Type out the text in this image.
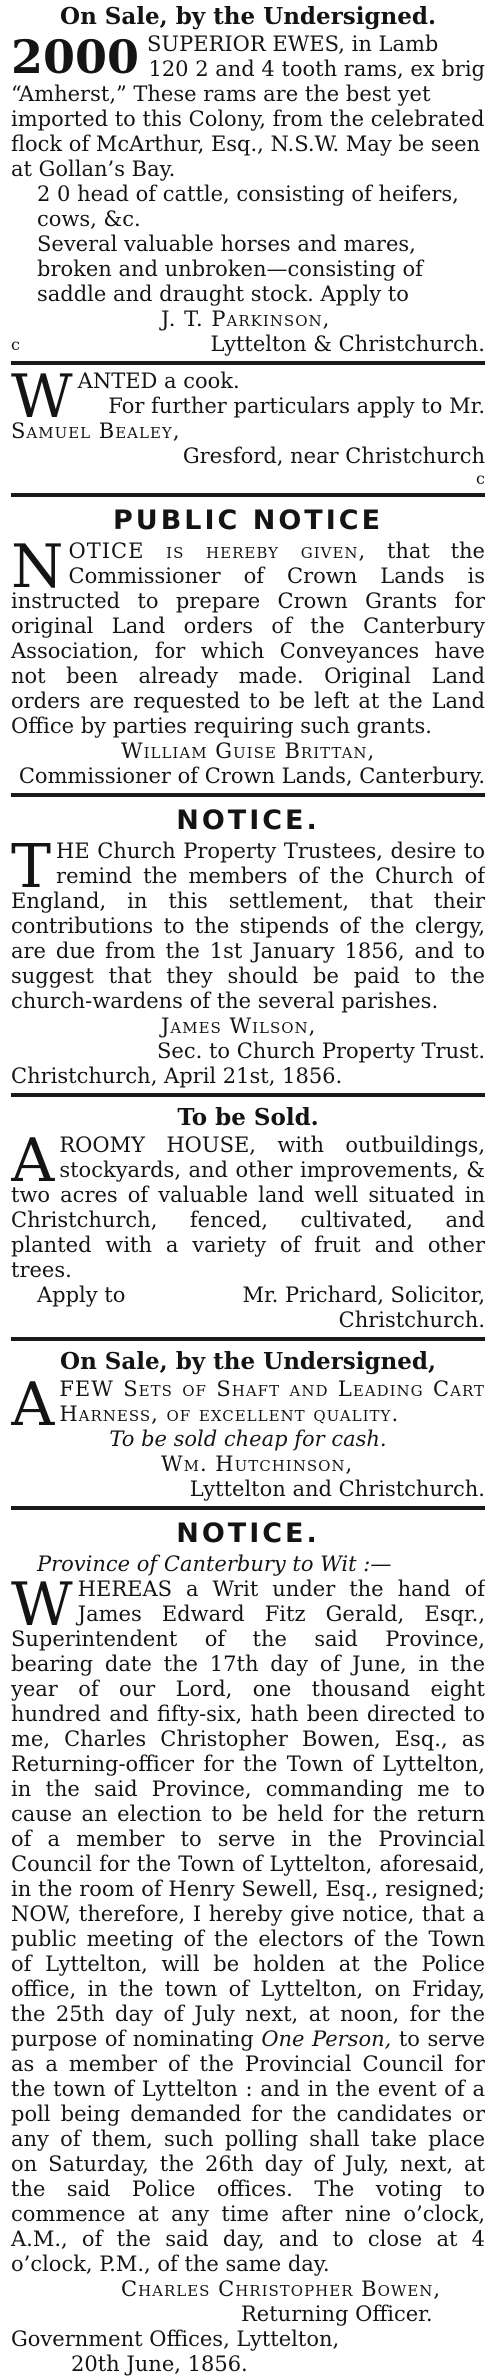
On Sale, by the Undersigned.
2000 SUPERIOR EWES, in Lamb
120 2 and 4 tooth rams, ex brig
“Amherst,” These rams are the best yet imported to this Colony, from the celebrated flock of McArthur, Esq., N.S.W. May be seen at Gollan’s Bay.
2 0 head of cattle, consisting of heifers, cows, &c.
Several valuable horses and mares, broken and unbroken—consisting of saddle and draught stock. Apply to
J. T. Parkinson,
c	Lyttelton & Christchurch.
W ANTED a cook.
For further particulars apply to Mr.
Samuel Bealey,
Gresford, near Christchurch
c
PUBLIC NOTICE
NOTICE is hereby given, that the Commissioner of Crown Lands is instructed to prepare Crown Grants for original Land orders of the Canterbury Association, for which Conveyances have not been already made. Original Land orders are requested to be left at the Land Office by parties requiring such grants.
William Guise Brittan,
Commissioner of Crown Lands, Canterbury.
NOTICE.
THE Church Property Trustees, desire to remind the members of the Church of England, in this settlement, that their contributions to the stipends of the clergy, are due from the 1st January 1856, and to suggest that they should be paid to the church-wardens of the several parishes.
James Wilson,
Sec. to Church Property Trust.
Christchurch, April 21st, 1856.
To be Sold.
AROOMY HOUSE, with outbuildings, stockyards, and other improvements, & two acres of valuable land well situated in Christchurch, fenced, cultivated, and planted with a variety of fruit and other trees.
Apply to	Mr. Prichard, Solicitor,
Christchurch.
On Sale, by the Undersigned,
AFEW Sets of Shaft and Leading Cart Harness, of excellent quality.
To be sold cheap for cash.
Wm. Hutchinson,
Lyttelton and Christchurch.
NOTICE.
Province of Canterbury to Wit :—
WHEREAS a Writ under the hand of James Edward Fitz Gerald, Esqr., Superintendent of the said Province, bearing date the 17th day of June, in the year of our Lord, one thousand eight hundred and fifty-six, hath been directed to me, Charles Christopher Bowen, Esq., as Returning-officer for the Town of Lyttelton, in the said Province, commanding me to cause an election to be held for the return of a member to serve in the Provincial Council for the Town of Lyttelton, aforesaid, in the room of Henry Sewell, Esq., resigned; NOW, therefore, I hereby give notice, that a public meeting of the electors of the Town of Lyttelton, will be holden at the Police office, in the town of Lyttelton, on Friday, the 25th day of July next, at noon, for the purpose of nominating One Person, to serve as a member of the Provincial Council for the town of Lyttelton : and in the event of a poll being demanded for the candidates or any of them, such polling shall take place on Saturday, the 26th day of July, next, at the said Police offices. The voting to commence at any time after nine o’clock, A.M., of the said day, and to close at 4 o’clock, P.M., of the same day.
Charles Christopher Bowen,
Returning Officer.
Government Offices, Lyttelton,
20th June, 1856.
